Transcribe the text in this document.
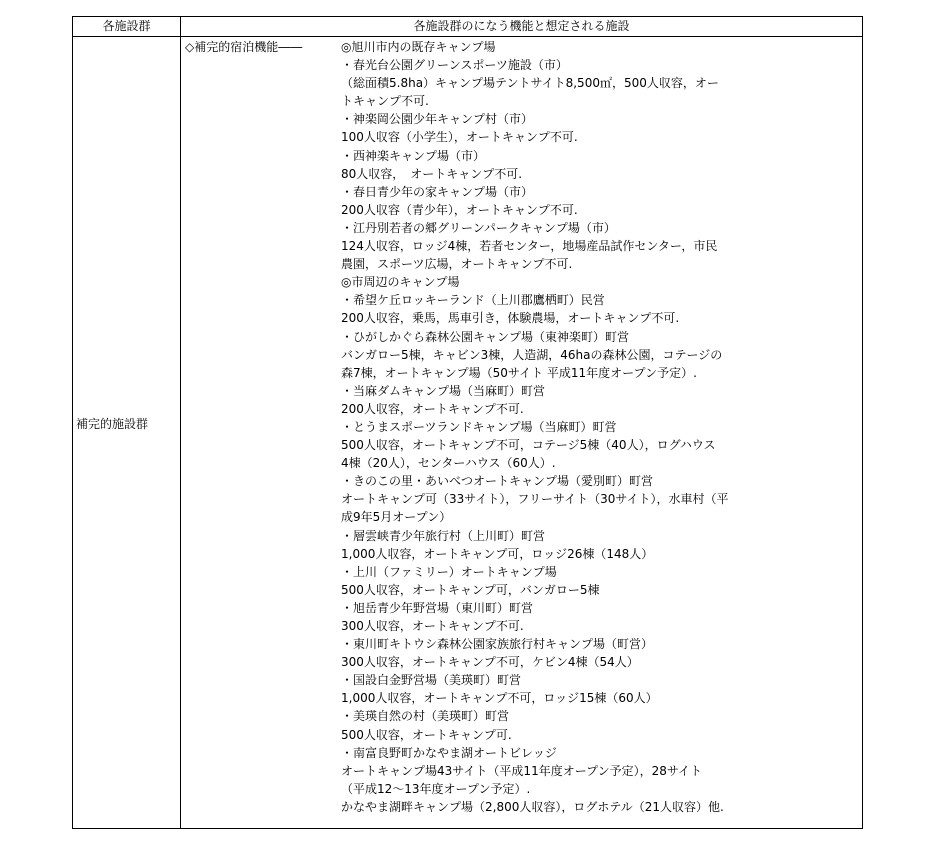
各施設群	各施設群のになう機能と想定される施設
補完的施設群
◇補完的宿泊機能――	◎旭川市内の既存キャンプ場
・春光台公園グリーンスポーツ施設（市）
（総面積5.8ha）キャンプ場テントサイト8,500㎡，500人収容，オー
トキャンプ不可.
・神楽岡公園少年キャンプ村（市）
100人収容（小学生），オートキャンプ不可.
・西神楽キャンプ場（市）
80人収容，　オートキャンプ不可.
・春日青少年の家キャンプ場（市）
200人収容（青少年），オートキャンプ不可.
・江丹別若者の郷グリーンパークキャンプ場（市）
124人収容，ロッジ4棟，若者センター，地場産品試作センター，市民
農園，スポーツ広場，オートキャンプ不可.
◎市周辺のキャンプ場
・希望ケ丘ロッキーランド（上川郡鷹栖町）民営
200人収容，乗馬，馬車引き，体験農場，オートキャンプ不可.
・ひがしかぐら森林公園キャンプ場（東神楽町）町営
バンガロー5棟，キャビン3棟，人造湖，46haの森林公園，コテージの
森7棟，オートキャンプ場（50サイト 平成11年度オープン予定）.
・当麻ダムキャンプ場（当麻町）町営
200人収容，オートキャンプ不可.
・とうまスポーツランドキャンプ場（当麻町）町営
500人収容，オートキャンプ不可，コテージ5棟（40人），ログハウス
4棟（20人），センターハウス（60人）.
・きのこの里・あいべつオートキャンプ場（愛別町）町営
オートキャンプ可（33サイト），フリーサイト（30サイト），水車村（平
成9年5月オープン）
・層雲峡青少年旅行村（上川町）町営
1,000人収容，オートキャンプ可，ロッジ26棟（148人）
・上川（ファミリー）オートキャンプ場
500人収容，オートキャンプ可，バンガロー5棟
・旭岳青少年野営場（東川町）町営
300人収容，オートキャンプ不可.
・東川町キトウシ森林公園家族旅行村キャンプ場（町営）
300人収容，オートキャンプ不可，ケビン4棟（54人）
・国設白金野営場（美瑛町）町営
1,000人収容，オートキャンプ不可，ロッジ15棟（60人）
・美瑛自然の村（美瑛町）町営
500人収容，オートキャンプ可.
・南富良野町かなやま湖オートビレッジ
オートキャンプ場43サイト（平成11年度オープン予定），28サイト
（平成12～13年度オープン予定）.
かなやま湖畔キャンプ場（2,800人収容），ログホテル（21人収容）他.
